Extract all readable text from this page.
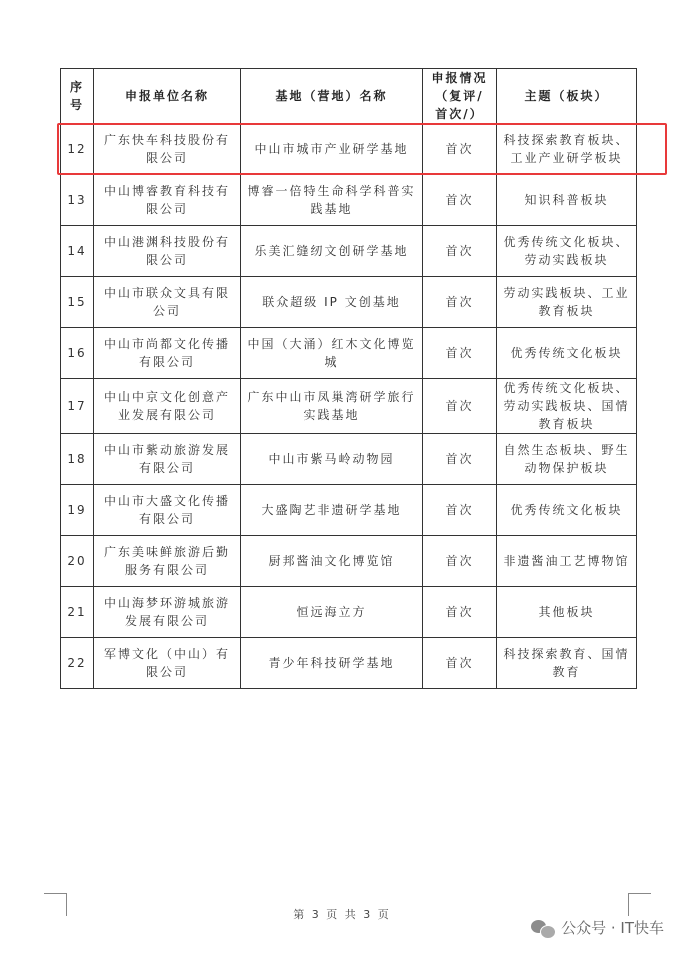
序号	申报单位名称	基地（营地）名称	申报情况（复评/首次/）	主题（板块）
12	广东快车科技股份有限公司	中山市城市产业研学基地	首次	科技探索教育板块、工业产业研学板块
13	中山博睿教育科技有限公司	博睿一倍特生命科学科普实践基地	首次	知识科普板块
14	中山港渊科技股份有限公司	乐美汇缝纫文创研学基地	首次	优秀传统文化板块、劳动实践板块
15	中山市联众文具有限公司	联众超级 IP 文创基地	首次	劳动实践板块、工业教育板块
16	中山市尚都文化传播有限公司	中国（大涌）红木文化博览城	首次	优秀传统文化板块
17	中山中京文化创意产业发展有限公司	广东中山市凤巢湾研学旅行实践基地	首次	优秀传统文化板块、劳动实践板块、国情教育板块
18	中山市紫动旅游发展有限公司	中山市紫马岭动物园	首次	自然生态板块、野生动物保护板块
19	中山市大盛文化传播有限公司	大盛陶艺非遗研学基地	首次	优秀传统文化板块
20	广东美味鲜旅游后勤服务有限公司	厨邦酱油文化博览馆	首次	非遗酱油工艺博物馆
21	中山海梦环游城旅游发展有限公司	恒远海立方	首次	其他板块
22	军博文化（中山）有限公司	青少年科技研学基地	首次	科技探索教育、国情教育
第 3 页 共 3 页
公众号 · IT快车
